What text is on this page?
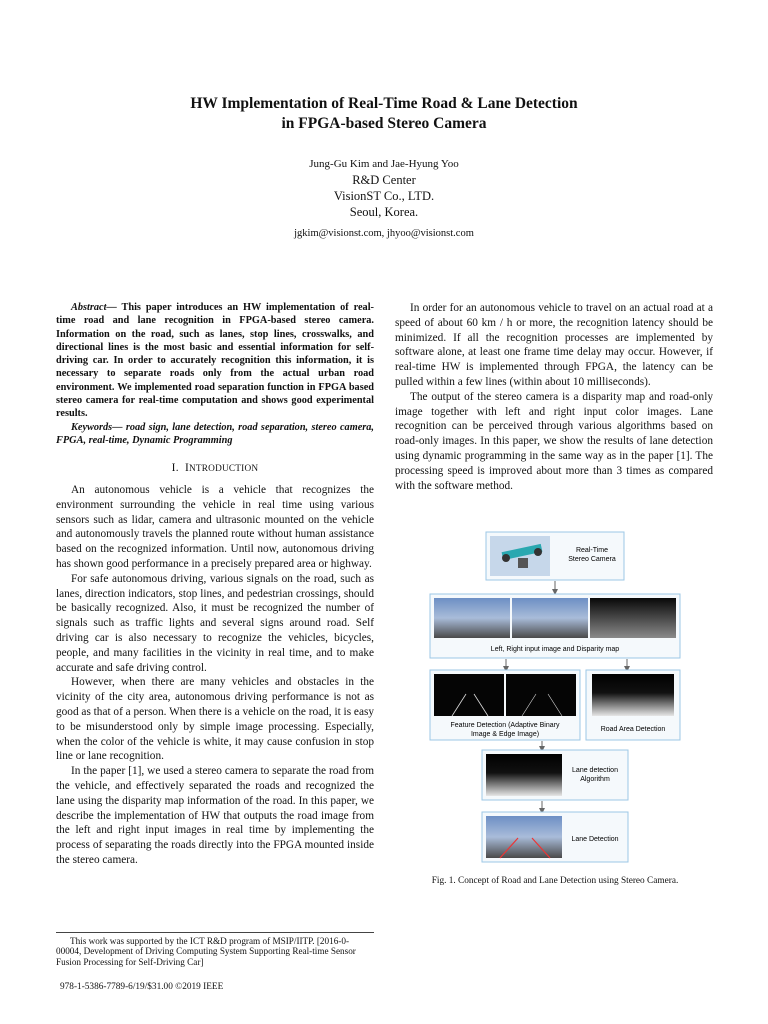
HW Implementation of Real-Time Road & Lane Detection
in FPGA-based Stereo Camera
Jung-Gu Kim and Jae-Hyung Yoo
R&D Center
VisionST Co., LTD.
Seoul, Korea.
jgkim@visionst.com, jhyoo@visionst.com

Abstract— This paper introduces an HW implementation of real-time road and lane recognition in FPGA-based stereo camera. Information on the road, such as lanes, stop lines, crosswalks, and directional lines is the most basic and essential information for self-driving car. In order to accurately recognition this information, it is necessary to separate roads only from the actual urban road environment. We implemented road separation function in FPGA based stereo camera for real-time computation and shows good experimental results.

Keywords— road sign, lane detection, road separation, stereo camera, FPGA, real-time, Dynamic Programming

I. INTRODUCTION

An autonomous vehicle is a vehicle that recognizes the environment surrounding the vehicle in real time using various sensors such as lidar, camera and ultrasonic mounted on the vehicle and autonomously travels the planned route without human assistance based on the recognized information. Until now, autonomous driving has shown good performance in a precisely prepared area or highway.

For safe autonomous driving, various signals on the road, such as lanes, direction indicators, stop lines, and pedestrian crossings, should be basically recognized. Also, it must be recognized the number of signals such as traffic lights and several signs around road. Self driving car is also necessary to recognize the vehicles, bicycles, people, and many facilities in the vicinity in real time, and to make accurate and safe driving control.

However, when there are many vehicles and obstacles in the vicinity of the city area, autonomous driving performance is not as good as that of a person. When there is a vehicle on the road, it is easy to be misunderstood only by simple image processing. Especially, when the color of the vehicle is white, it may cause confusion in stop line or lane recognition.

In the paper [1], we used a stereo camera to separate the road from the vehicle, and effectively separated the roads and recognized the lane using the disparity map information of the road. In this paper, we describe the implementation of HW that outputs the road image from the left and right input images in real time by implementing the process of separating the roads directly into the FPGA mounted inside the stereo camera.

In order for an autonomous vehicle to travel on an actual road at a speed of about 60 km / h or more, the recognition latency should be minimized. If all the recognition processes are implemented by software alone, at least one frame time delay may occur. However, if real-time HW is implemented through FPGA, the latency can be pulled within a few lines (within about 10 milliseconds).

The output of the stereo camera is a disparity map and road-only image together with left and right input color images. Lane recognition can be perceived through various algorithms based on road-only images. In this paper, we show the results of lane detection using dynamic programming in the same way as in the paper [1]. The processing speed is improved about more than 3 times as compared with the software method.

Real-Time
Stereo Camera
Left, Right input image and Disparity map
Feature Detection (Adaptive Binary
Image & Edge Image)
Road Area Detection
Lane detection
Algorithm
Lane Detection
Fig. 1. Concept of Road and Lane Detection using Stereo Camera.
This work was supported by the ICT R&D program of MSIP/IITP. [2016-0-00004, Development of Driving Computing System Supporting Real-time Sensor Fusion Processing for Self-Driving Car]
978-1-5386-7789-6/19/$31.00 ©2019 IEEE
